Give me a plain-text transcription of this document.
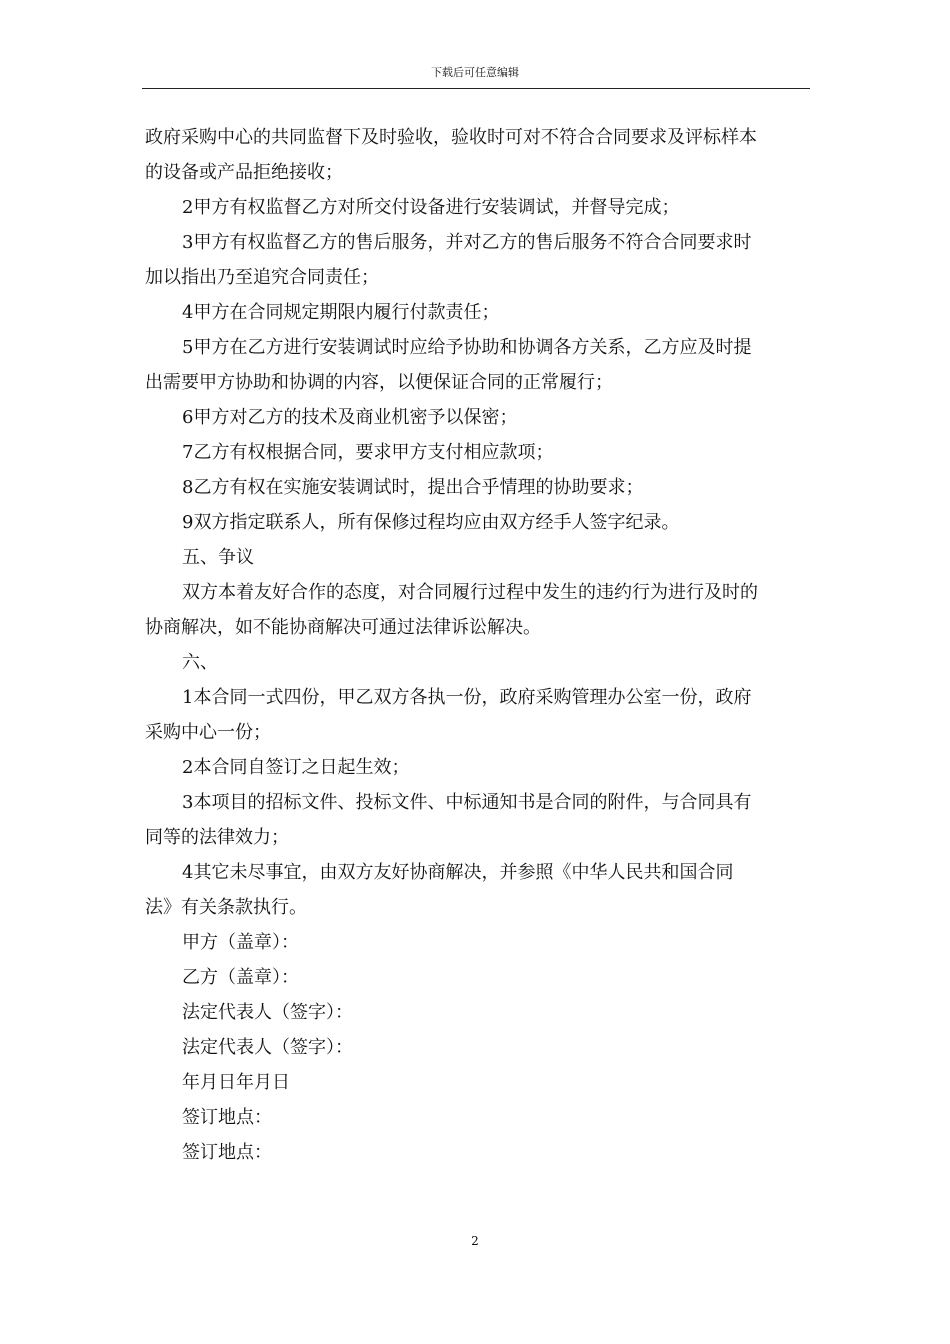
下载后可任意编辑

政府采购中心的共同监督下及时验收，验收时可对不符合合同要求及评标样本

的设备或产品拒绝接收；

2甲方有权监督乙方对所交付设备进行安装调试，并督导完成；

3甲方有权监督乙方的售后服务，并对乙方的售后服务不符合合同要求时

加以指出乃至追究合同责任；

4甲方在合同规定期限内履行付款责任；

5甲方在乙方进行安装调试时应给予协助和协调各方关系，乙方应及时提

出需要甲方协助和协调的内容，以便保证合同的正常履行；

6甲方对乙方的技术及商业机密予以保密；

7乙方有权根据合同，要求甲方支付相应款项；

8乙方有权在实施安装调试时，提出合乎情理的协助要求；

9双方指定联系人，所有保修过程均应由双方经手人签字纪录。

五、争议

双方本着友好合作的态度，对合同履行过程中发生的违约行为进行及时的

协商解决，如不能协商解决可通过法律诉讼解决。

六、

1本合同一式四份，甲乙双方各执一份，政府采购管理办公室一份，政府

采购中心一份；

2本合同自签订之日起生效；

3本项目的招标文件、投标文件、中标通知书是合同的附件，与合同具有

同等的法律效力；

4其它未尽事宜，由双方友好协商解决，并参照《中华人民共和国合同

法》有关条款执行。

甲方（盖章）：

乙方（盖章）：

法定代表人（签字）：

法定代表人（签字）：

年月日年月日

签订地点：

签订地点：

2
